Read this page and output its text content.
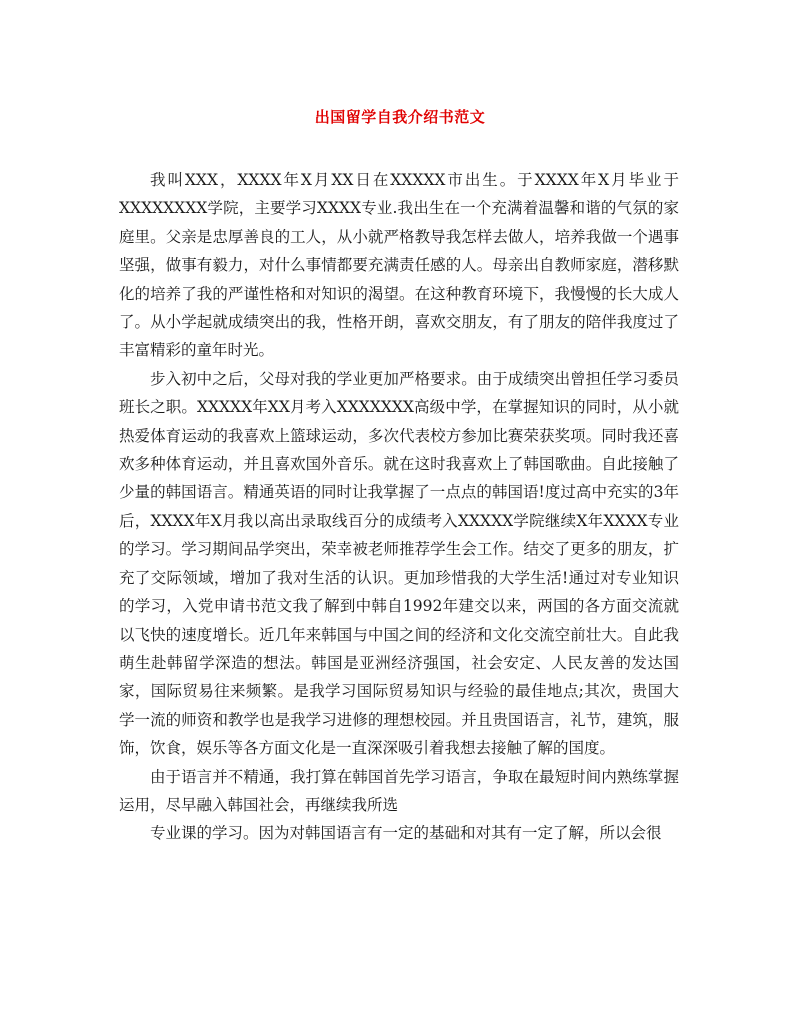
出国留学自我介绍书范文

我叫XXX，XXXX年X月XX日在XXXXX市出生。于XXXX年X月毕业于XXXXXXXX学院，主要学习XXXX专业.我出生在一个充满着温馨和谐的气氛的家庭里。父亲是忠厚善良的工人，从小就严格教导我怎样去做人，培养我做一个遇事坚强，做事有毅力，对什么事情都要充满责任感的人。母亲出自教师家庭，潜移默化的培养了我的严谨性格和对知识的渴望。在这种教育环境下，我慢慢的长大成人了。从小学起就成绩突出的我，性格开朗，喜欢交朋友，有了朋友的陪伴我度过了丰富精彩的童年时光。

步入初中之后，父母对我的学业更加严格要求。由于成绩突出曾担任学习委员班长之职。XXXXX年XX月考入XXXXXXX高级中学，在掌握知识的同时，从小就热爱体育运动的我喜欢上篮球运动，多次代表校方参加比赛荣获奖项。同时我还喜欢多种体育运动，并且喜欢国外音乐。就在这时我喜欢上了韩国歌曲。自此接触了少量的韩国语言。精通英语的同时让我掌握了一点点的韩国语!度过高中充实的3年后，XXXX年X月我以高出录取线百分的成绩考入XXXXX学院继续X年XXXX专业的学习。学习期间品学突出，荣幸被老师推荐学生会工作。结交了更多的朋友，扩充了交际领域，增加了我对生活的认识。更加珍惜我的大学生活!通过对专业知识的学习，入党申请书范文我了解到中韩自1992年建交以来，两国的各方面交流就以飞快的速度增长。近几年来韩国与中国之间的经济和文化交流空前壮大。自此我萌生赴韩留学深造的想法。韩国是亚洲经济强国，社会安定、人民友善的发达国家，国际贸易往来频繁。是我学习国际贸易知识与经验的最佳地点;其次，贵国大学一流的师资和教学也是我学习进修的理想校园。并且贵国语言，礼节，建筑，服饰，饮食，娱乐等各方面文化是一直深深吸引着我想去接触了解的国度。

由于语言并不精通，我打算在韩国首先学习语言，争取在最短时间内熟练掌握运用，尽早融入韩国社会，再继续我所选

专业课的学习。因为对韩国语言有一定的基础和对其有一定了解，所以会很
